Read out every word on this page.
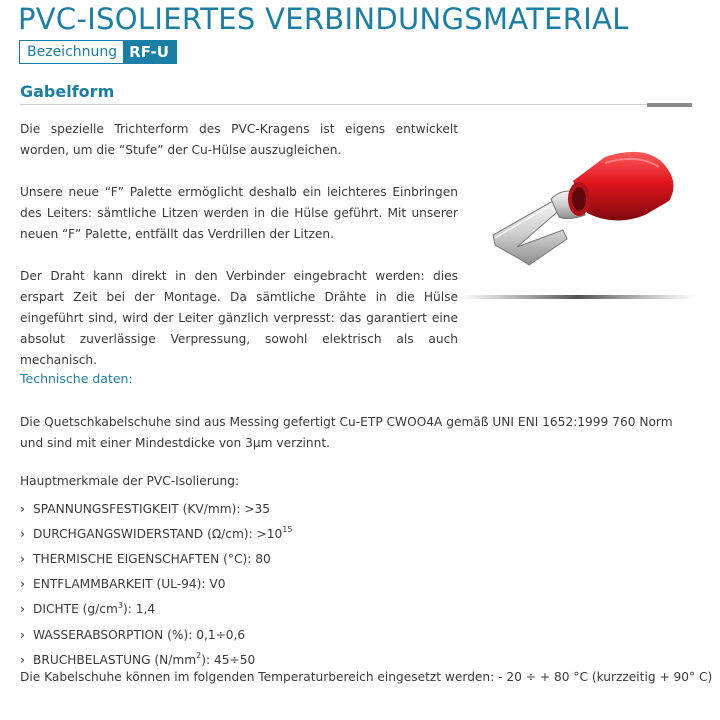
PVC-ISOLIERTES VERBINDUNGSMATERIAL
Bezeichnung RF-U
Gabelform

Die spezielle Trichterform des PVC-Kragens ist eigens entwickelt worden, um die “Stufe” der Cu-Hülse auszugleichen.

Unsere neue “F” Palette ermöglicht deshalb ein leichteres Einbringen des Leiters: sämtliche Litzen werden in die Hülse geführt. Mit unserer neuen “F” Palette, entfällt das Verdrillen der Litzen.

Der Draht kann direkt in den Verbinder eingebracht werden: dies erspart Zeit bei der Montage. Da sämtliche Drähte in die Hülse eingeführt sind, wird der Leiter gänzlich verpresst: das garantiert eine absolut zuverlässige Verpressung, sowohl elektrisch als auch mechanisch.

Technische daten:

Die Quetschkabelschuhe sind aus Messing gefertigt Cu-ETP CWOO4A gemäß UNI ENI 1652:1999 760 Norm und sind mit einer Mindestdicke von 3µm verzinnt.

Hauptmerkmale der PVC-Isolierung:
› SPANNUNGSFESTIGKEIT (KV/mm):
>35
› DURCHGANGSWIDERSTAND (Ω/cm):
$>10^{15}$
› THERMISCHE EIGENSCHAFTEN (°C):
80
› ENTFLAMMBARKEIT (UL-94):
V0
› DICHTE ($g/cm^3$ ):
1,4
› WASSERABSORPTION (%):
0,1÷0,6
› BRUCHBELASTUNG ($N/mm^2$ ):
45÷50
Die Kabelschuhe können im folgenden Temperaturbereich eingesetzt werden: - 20 ÷ + 80 °C (kurzzeitig + 90° C)
